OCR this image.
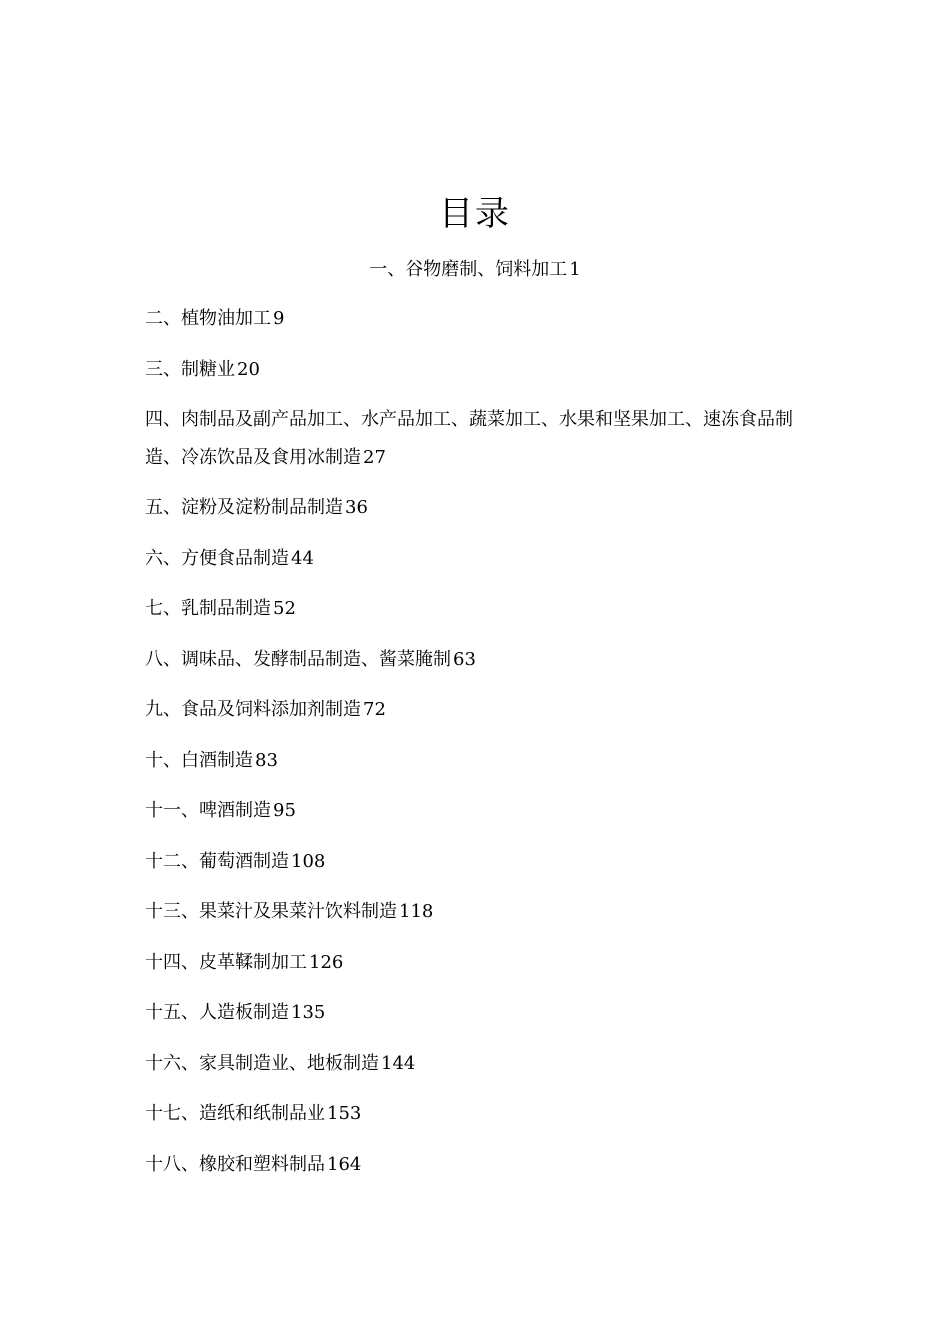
目录
一、谷物磨制、饲料加工 1
二、植物油加工 9
三、制糖业 20
四、肉制品及副产品加工、水产品加工、蔬菜加工、水果和坚果加工、速冻食品制造、冷冻饮品及食用冰制造 27
五、淀粉及淀粉制品制造 36
六、方便食品制造 44
七、乳制品制造 52
八、调味品、发酵制品制造、酱菜腌制 63
九、食品及饲料添加剂制造 72
十、白酒制造 83
十一、啤酒制造 95
十二、葡萄酒制造 108
十三、果菜汁及果菜汁饮料制造 118
十四、皮革鞣制加工 126
十五、人造板制造 135
十六、家具制造业、地板制造 144
十七、造纸和纸制品业 153
十八、橡胶和塑料制品 164
